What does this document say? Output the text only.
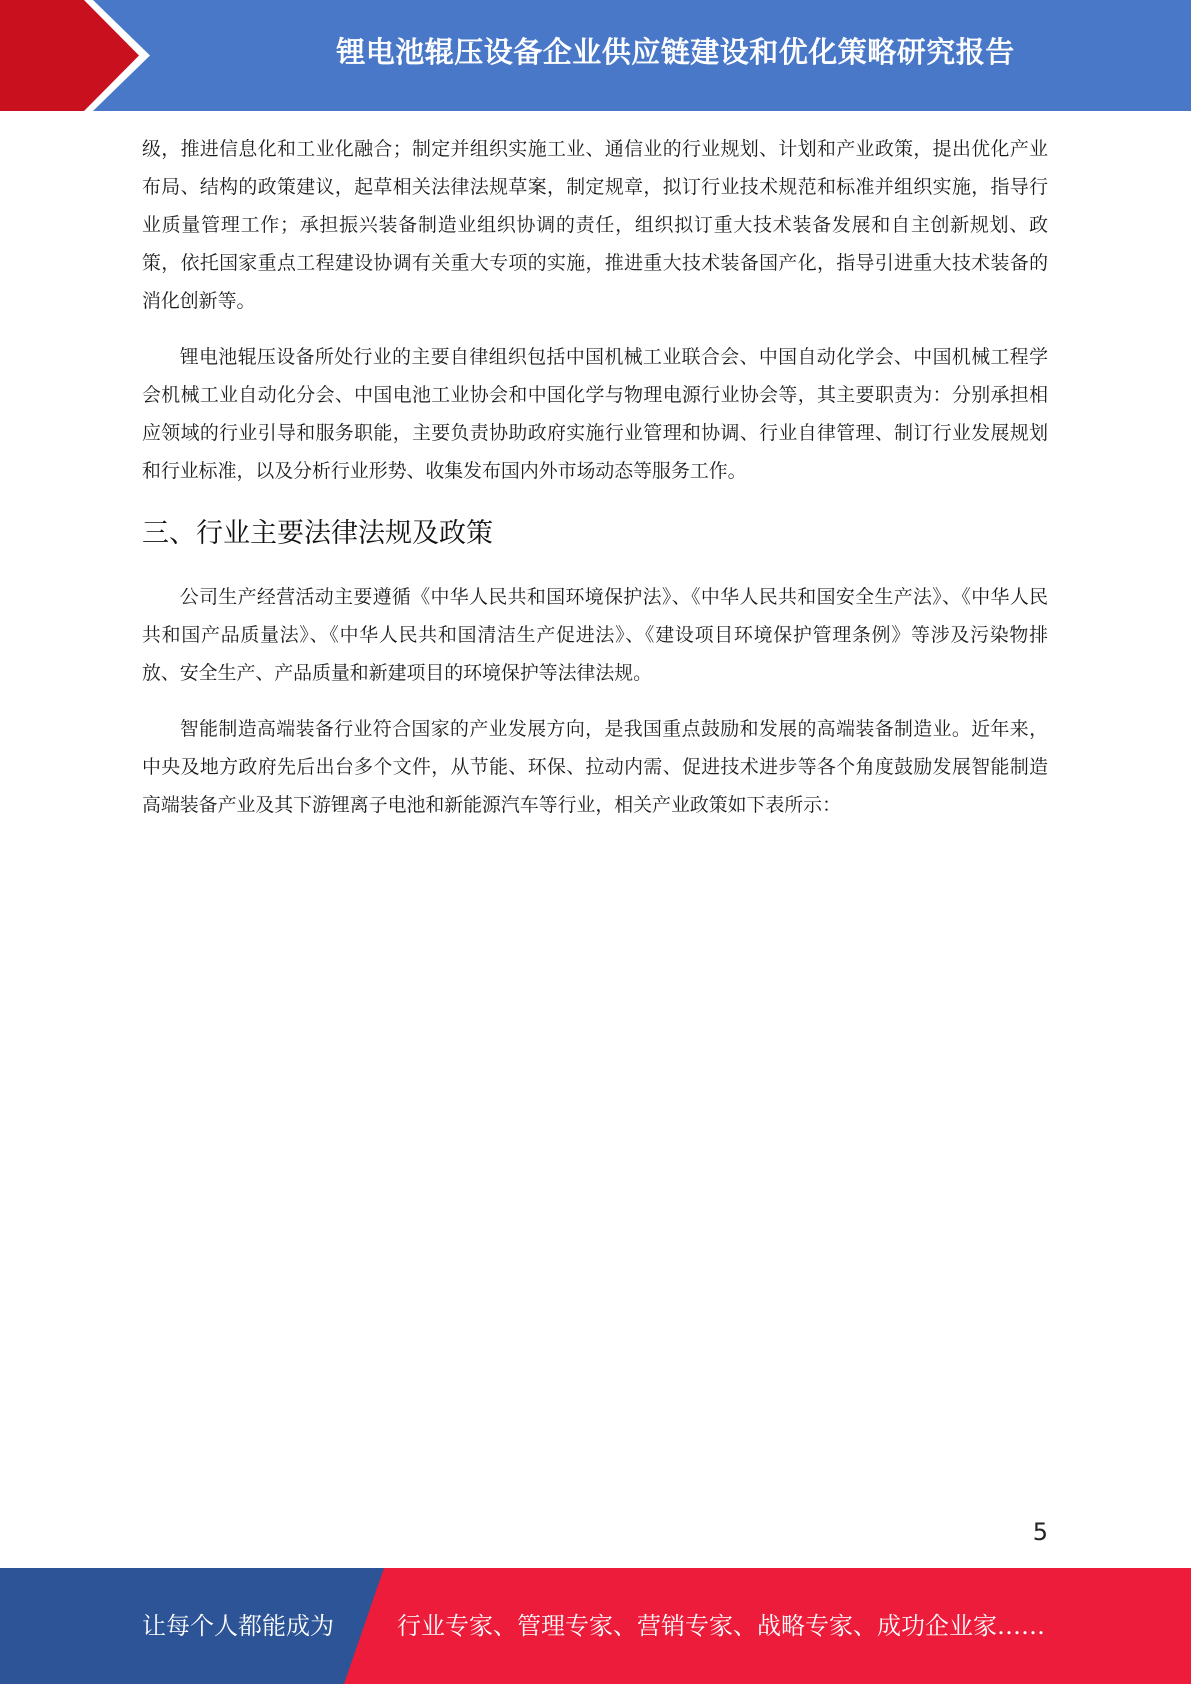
锂电池辊压设备企业供应链建设和优化策略研究报告

级，推进信息化和工业化融合；制定并组织实施工业、通信业的行业规划、计划和产业政策，提出优化产业布局、结构的政策建议，起草相关法律法规草案，制定规章，拟订行业技术规范和标准并组织实施，指导行业质量管理工作；承担振兴装备制造业组织协调的责任，组织拟订重大技术装备发展和自主创新规划、政策，依托国家重点工程建设协调有关重大专项的实施，推进重大技术装备国产化，指导引进重大技术装备的消化创新等。

锂电池辊压设备所处行业的主要自律组织包括中国机械工业联合会、中国自动化学会、中国机械工程学会机械工业自动化分会、中国电池工业协会和中国化学与物理电源行业协会等，其主要职责为：分别承担相应领域的行业引导和服务职能，主要负责协助政府实施行业管理和协调、行业自律管理、制订行业发展规划和行业标准，以及分析行业形势、收集发布国内外市场动态等服务工作。

三、行业主要法律法规及政策

公司生产经营活动主要遵循《中华人民共和国环境保护法》、《中华人民共和国安全生产法》、《中华人民共和国产品质量法》、《中华人民共和国清洁生产促进法》、《建设项目环境保护管理条例》等涉及污染物排放、安全生产、产品质量和新建项目的环境保护等法律法规。

智能制造高端装备行业符合国家的产业发展方向，是我国重点鼓励和发展的高端装备制造业。近年来，中央及地方政府先后出台多个文件，从节能、环保、拉动内需、促进技术进步等各个角度鼓励发展智能制造高端装备产业及其下游锂离子电池和新能源汽车等行业，相关产业政策如下表所示：

5
让每个人都能成为	行业专家、管理专家、营销专家、战略专家、成功企业家……
